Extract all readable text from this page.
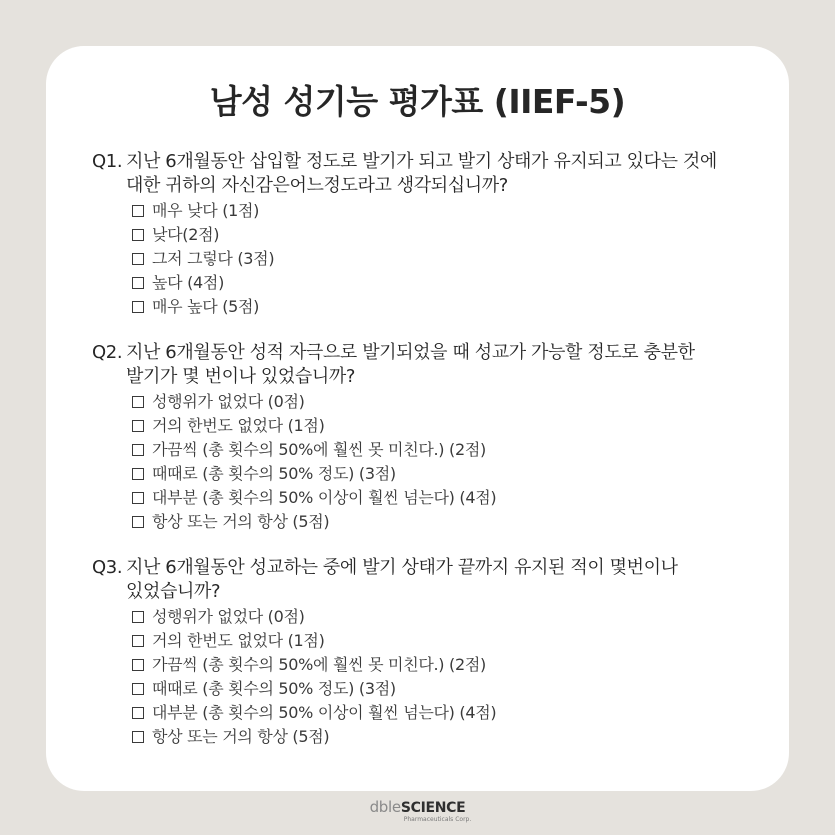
남성 성기능 평가표 (IIEF-5)
Q1. 지난 6개월동안 삽입할 정도로 발기가 되고 발기 상태가 유지되고 있다는 것에
대한 귀하의 자신감은어느정도라고 생각되십니까?
매우 낮다 (1점)
낮다(2점)
그저 그렇다 (3점)
높다 (4점)
매우 높다 (5점)
Q2. 지난 6개월동안 성적 자극으로 발기되었을 때 성교가 가능할 정도로 충분한
발기가 몇 번이나 있었습니까?
성행위가 없었다 (0점)
거의 한번도 없었다 (1점)
가끔씩 (총 횟수의 50%에 훨씬 못 미친다.) (2점)
때때로 (총 횟수의 50% 정도) (3점)
대부분 (총 횟수의 50% 이상이 훨씬 넘는다) (4점)
항상 또는 거의 항상 (5점)
Q3. 지난 6개월동안 성교하는 중에 발기 상태가 끝까지 유지된 적이 몇번이나
있었습니까?
성행위가 없었다 (0점)
거의 한번도 없었다 (1점)
가끔씩 (총 횟수의 50%에 훨씬 못 미친다.) (2점)
때때로 (총 횟수의 50% 정도) (3점)
대부분 (총 횟수의 50% 이상이 훨씬 넘는다) (4점)
항상 또는 거의 항상 (5점)
dbleSCIENCE
Pharmaceuticals Corp.
